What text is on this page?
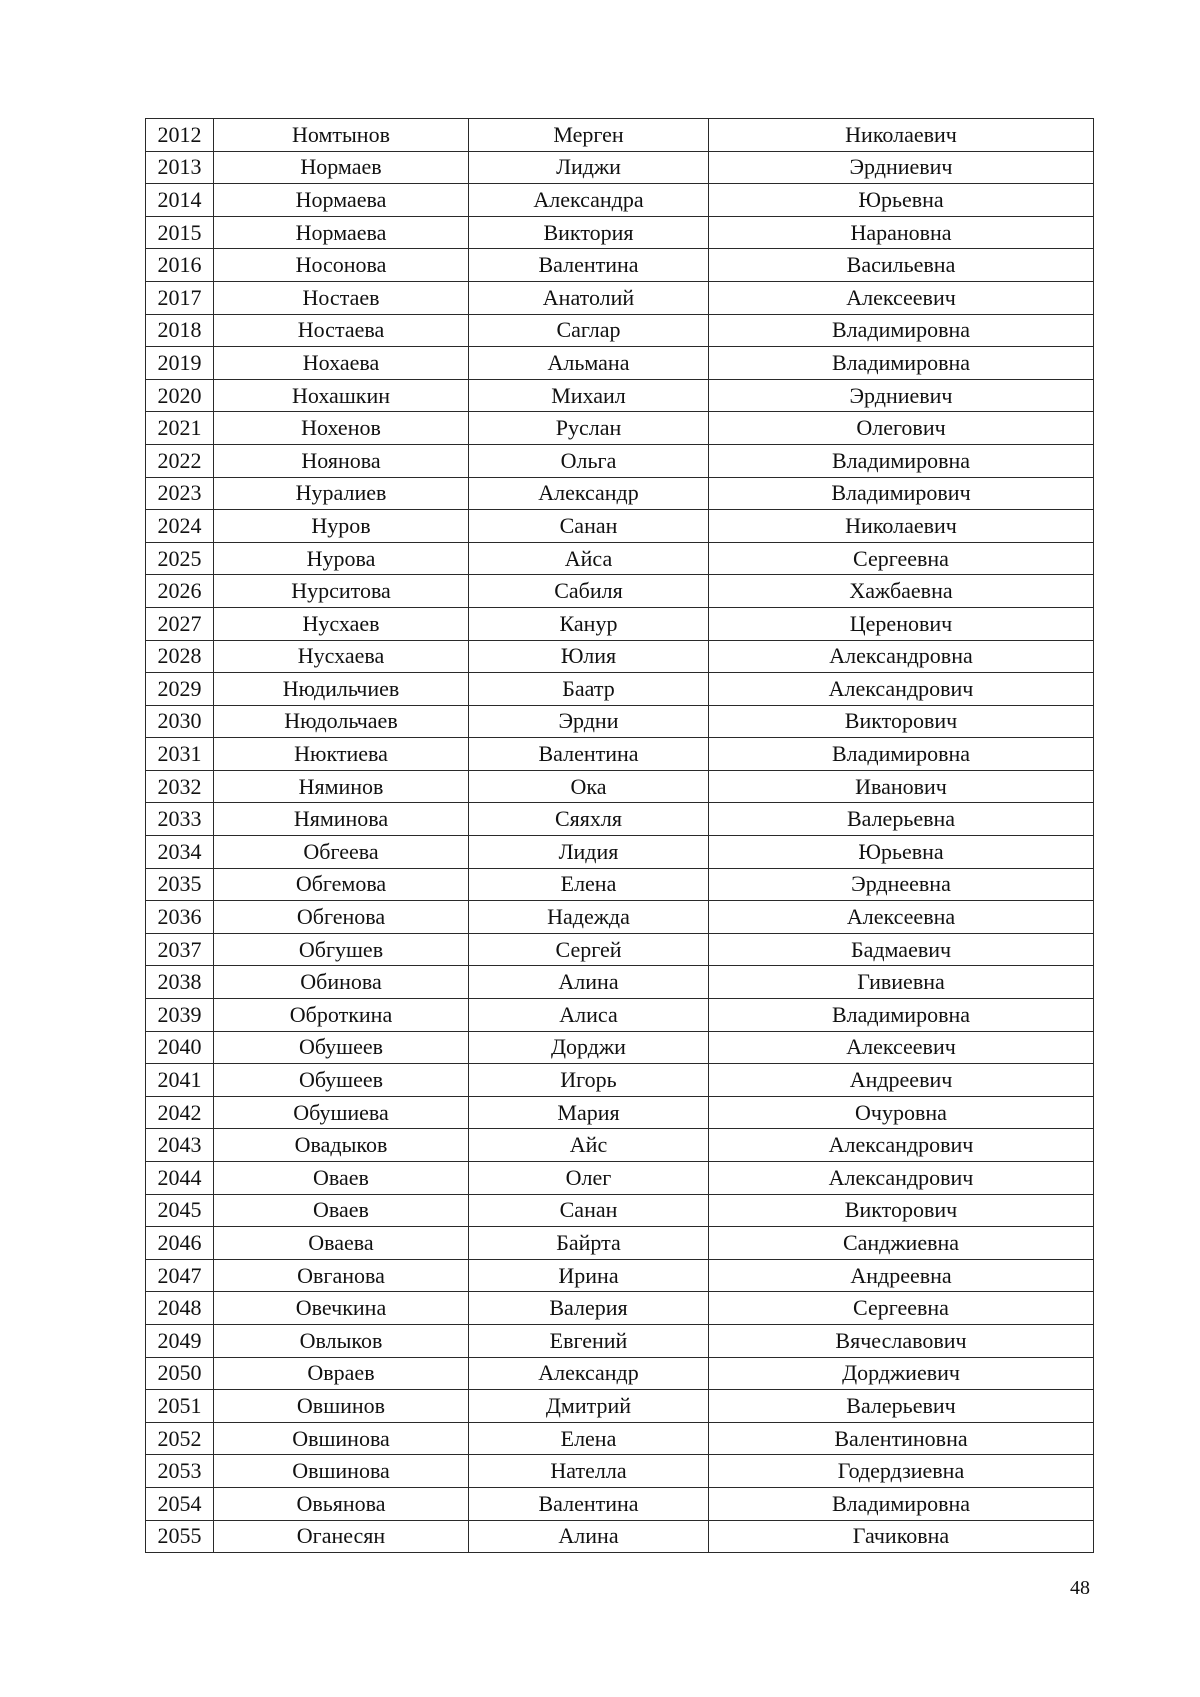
2012	Номтынов	Мерген	Николаевич
2013	Нормаев	Лиджи	Эрдниевич
2014	Нормаева	Александра	Юрьевна
2015	Нормаева	Виктория	Нарановна
2016	Носонова	Валентина	Васильевна
2017	Ностаев	Анатолий	Алексеевич
2018	Ностаева	Саглар	Владимировна
2019	Нохаева	Альмана	Владимировна
2020	Нохашкин	Михаил	Эрдниевич
2021	Нохенов	Руслан	Олегович
2022	Ноянова	Ольга	Владимировна
2023	Нуралиев	Александр	Владимирович
2024	Нуров	Санан	Николаевич
2025	Нурова	Айса	Сергеевна
2026	Нурситова	Сабиля	Хажбаевна
2027	Нусхаев	Канур	Церенович
2028	Нусхаева	Юлия	Александровна
2029	Нюдильчиев	Баатр	Александрович
2030	Нюдольчаев	Эрдни	Викторович
2031	Нюктиева	Валентина	Владимировна
2032	Няминов	Ока	Иванович
2033	Няминова	Сяяхля	Валерьевна
2034	Обгеева	Лидия	Юрьевна
2035	Обгемова	Елена	Эрднеевна
2036	Обгенова	Надежда	Алексеевна
2037	Обгушев	Сергей	Бадмаевич
2038	Обинова	Алина	Гивиевна
2039	Оброткина	Алиса	Владимировна
2040	Обушеев	Дорджи	Алексеевич
2041	Обушеев	Игорь	Андреевич
2042	Обушиева	Мария	Очуровна
2043	Овадыков	Айс	Александрович
2044	Оваев	Олег	Александрович
2045	Оваев	Санан	Викторович
2046	Оваева	Байрта	Санджиевна
2047	Овганова	Ирина	Андреевна
2048	Овечкина	Валерия	Сергеевна
2049	Овлыков	Евгений	Вячеславович
2050	Овраев	Александр	Дорджиевич
2051	Овшинов	Дмитрий	Валерьевич
2052	Овшинова	Елена	Валентиновна
2053	Овшинова	Нателла	Годердзиевна
2054	Овьянова	Валентина	Владимировна
2055	Оганесян	Алина	Гачиковна
48
